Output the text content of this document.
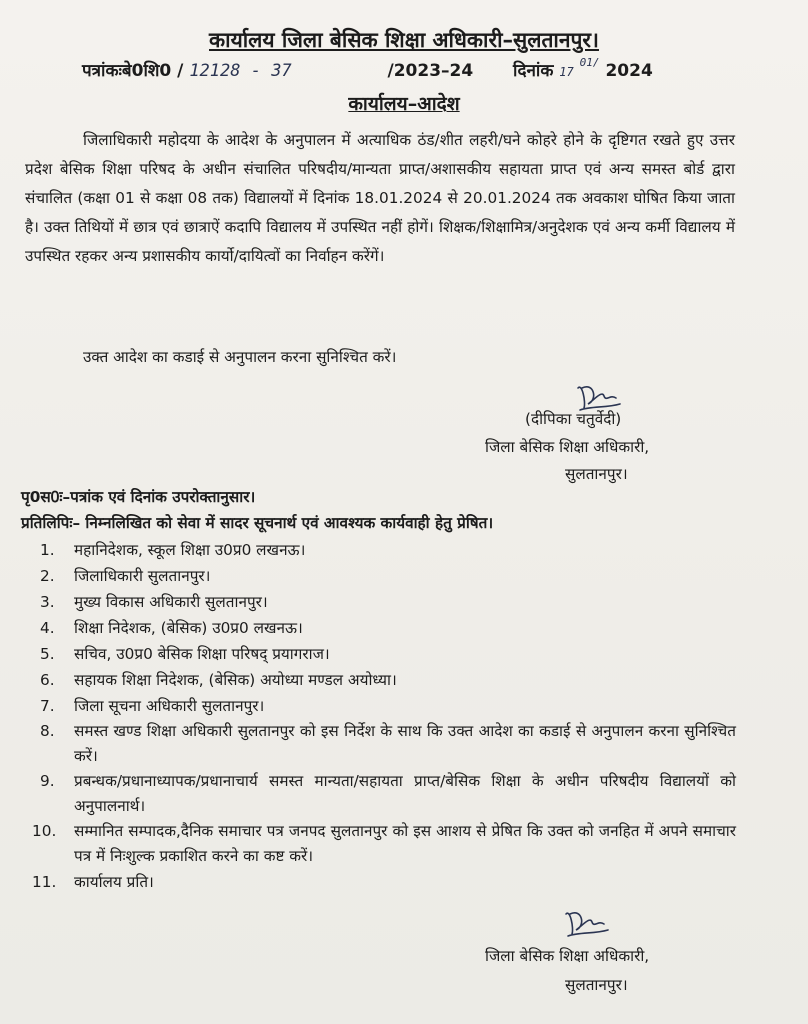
कार्यालय जिला बेसिक शिक्षा अधिकारी–सुलतानपुर।
पत्रांकःबे0शि0 / 12128 - 37	/2023–24 दिनांक 17 $^{01/}$ 2024
कार्यालय–आदेश
जिलाधिकारी महोदया के आदेश के अनुपालन में अत्याधिक ठंड/शीत लहरी/घने कोहरे होने के दृष्टिगत रखते हुए उत्तर प्रदेश बेसिक शिक्षा परिषद के अधीन संचालित परिषदीय/मान्यता प्राप्त/अशासकीय सहायता प्राप्त एवं अन्य समस्त बोर्ड द्वारा संचालित (कक्षा 01 से कक्षा 08 तक) विद्यालयों में दिनांक 18.01.2024 से 20.01.2024 तक अवकाश घोषित किया जाता है। उक्त तिथियों में छात्र एवं छात्राऐं कदापि विद्यालय में उपस्थित नहीं होगें। शिक्षक/शिक्षामित्र/अनुदेशक एवं अन्य कर्मी विद्यालय में उपस्थित रहकर अन्य प्रशासकीय कार्यो/दायित्वों का निर्वाहन करेंगें।
उक्त आदेश का कडाई से अनुपालन करना सुनिश्चित करें।
(दीपिका चतुर्वेदी)
जिला बेसिक शिक्षा अधिकारी,
सुलतानपुर।
पृ0स0ः–पत्रांक एवं दिनांक उपरोक्तानुसार।
प्रतिलिपिः– निम्नलिखित को सेवा में सादर सूचनार्थ एवं आवश्यक कार्यवाही हेतु प्रेषित।
1.	महानिदेशक, स्कूल शिक्षा उ0प्र0 लखनऊ।
2.	जिलाधिकारी सुलतानपुर।
3.	मुख्य विकास अधिकारी सुलतानपुर।
4.	शिक्षा निदेशक, (बेसिक) उ0प्र0 लखनऊ।
5.	सचिव, उ0प्र0 बेसिक शिक्षा परिषद् प्रयागराज।
6.	सहायक शिक्षा निदेशक, (बेसिक) अयोध्या मण्डल अयोध्या।
7.	जिला सूचना अधिकारी सुलतानपुर।
8.	समस्त खण्ड शिक्षा अधिकारी सुलतानपुर को इस निर्देश के साथ कि उक्त आदेश का कडाई से अनुपालन करना सुनिश्चित करें।
9.	प्रबन्धक/प्रधानाध्यापक/प्रधानाचार्य समस्त मान्यता/सहायता प्राप्त/बेसिक शिक्षा के अधीन परिषदीय विद्यालयों को अनुपालनार्थ।
10.	सम्मानित सम्पादक,दैनिक समाचार पत्र जनपद सुलतानपुर को इस आशय से प्रेषित कि उक्त को जनहित में अपने समाचार पत्र में निःशुल्क प्रकाशित करने का कष्ट करें।
11.	कार्यालय प्रति।
जिला बेसिक शिक्षा अधिकारी,
सुलतानपुर।
